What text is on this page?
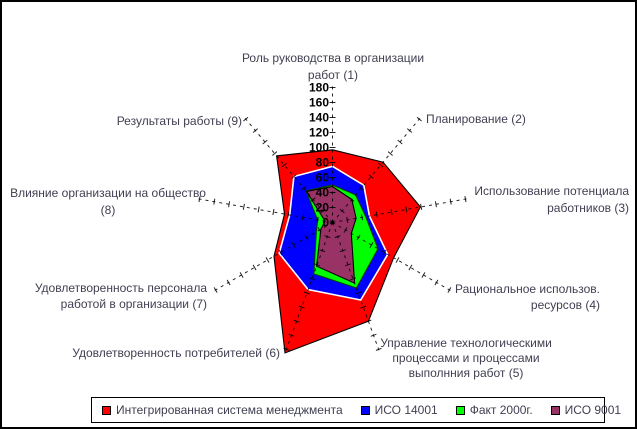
180
160
140
120
100
80
60
40
20
0
Роль руководства в организации
работ (1)
Планирование (2)
Использование потенциала
работников (3)
Рациональное использов.
ресурсов (4)
Управление технологическими
процессами и процессами
выполнния работ (5)
Удовлетворенность потребителей (6)
Удовлетворенность персонала
работой в организации (7)
Влияние организации на общество
(8)
Результаты работы (9)
Интегрированная система менеджмента	ИСО 14001	Факт 2000г.	ИСО 9001
